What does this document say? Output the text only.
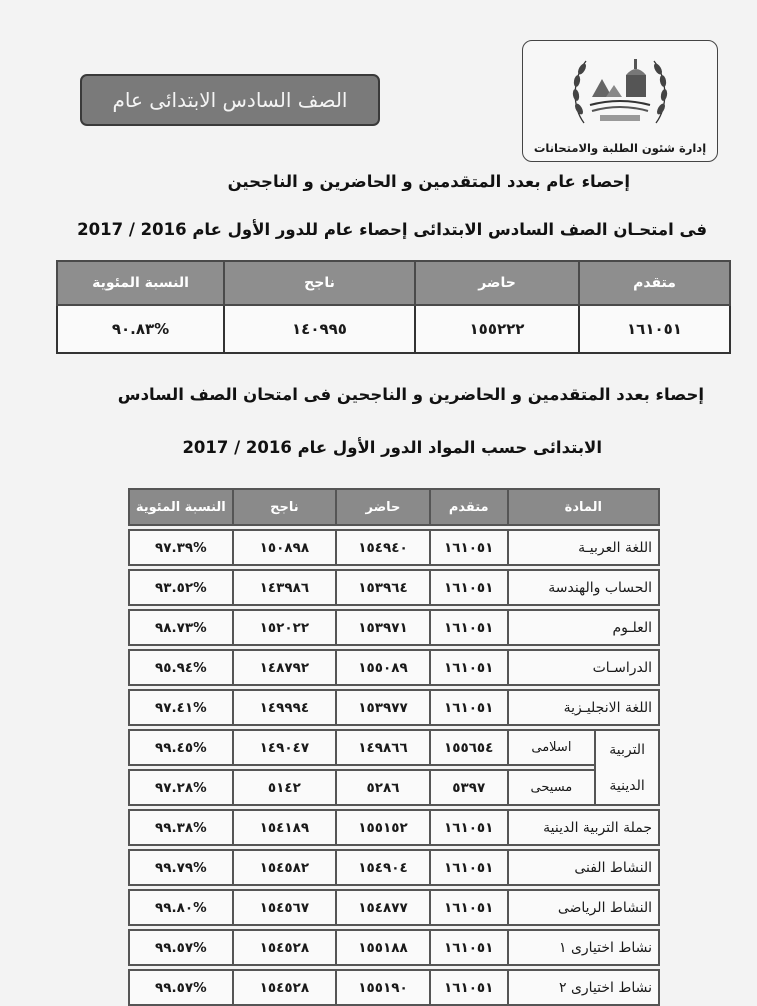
الصف السادس الابتدائى عام
إدارة شئون الطلبة والامتحانات
إحصاء عام بعدد المتقدمين و الحاضرين و الناجحين
فى امتحـان الصف السادس الابتدائى إحصاء عام للدور الأول عام 2016 / 2017
متقدم	حاضر	ناجح	النسبة المئوية
١٦١٠٥١	١٥٥٢٢٢	١٤٠٩٩٥	%٩٠.٨٣
إحصاء بعدد المتقدمين و الحاضرين و الناجحين فى امتحان الصف السادس
الابتدائى حسب المواد الدور الأول عام 2016 / 2017
المادة		متقدم	حاضر	ناجح	النسبة المئوية

اللغة العربيـة		١٦١٠٥١	١٥٤٩٤٠	١٥٠٨٩٨	%٩٧.٣٩

الحساب والهندسة		١٦١٠٥١	١٥٣٩٦٤	١٤٣٩٨٦	%٩٣.٥٢

العلـوم		١٦١٠٥١	١٥٣٩٧١	١٥٢٠٢٢	%٩٨.٧٣

الدراسـات		١٦١٠٥١	١٥٥٠٨٩	١٤٨٧٩٢	%٩٥.٩٤

اللغة الانجليـزية		١٦١٠٥١	١٥٣٩٧٧	١٤٩٩٩٤	%٩٧.٤١

التربية
الدينية	اسلامى	١٥٥٦٥٤	١٤٩٨٦٦	١٤٩٠٤٧	%٩٩.٤٥

	مسيحى	٥٣٩٧	٥٢٨٦	٥١٤٢	%٩٧.٢٨

جملة التربية الدينية		١٦١٠٥١	١٥٥١٥٢	١٥٤١٨٩	%٩٩.٣٨

النشاط الفنى		١٦١٠٥١	١٥٤٩٠٤	١٥٤٥٨٢	%٩٩.٧٩

النشاط الرياضى		١٦١٠٥١	١٥٤٨٧٧	١٥٤٥٦٧	%٩٩.٨٠

نشاط اختيارى ١		١٦١٠٥١	١٥٥١٨٨	١٥٤٥٢٨	%٩٩.٥٧

نشاط اختيارى ٢		١٦١٠٥١	١٥٥١٩٠	١٥٤٥٢٨	%٩٩.٥٧
